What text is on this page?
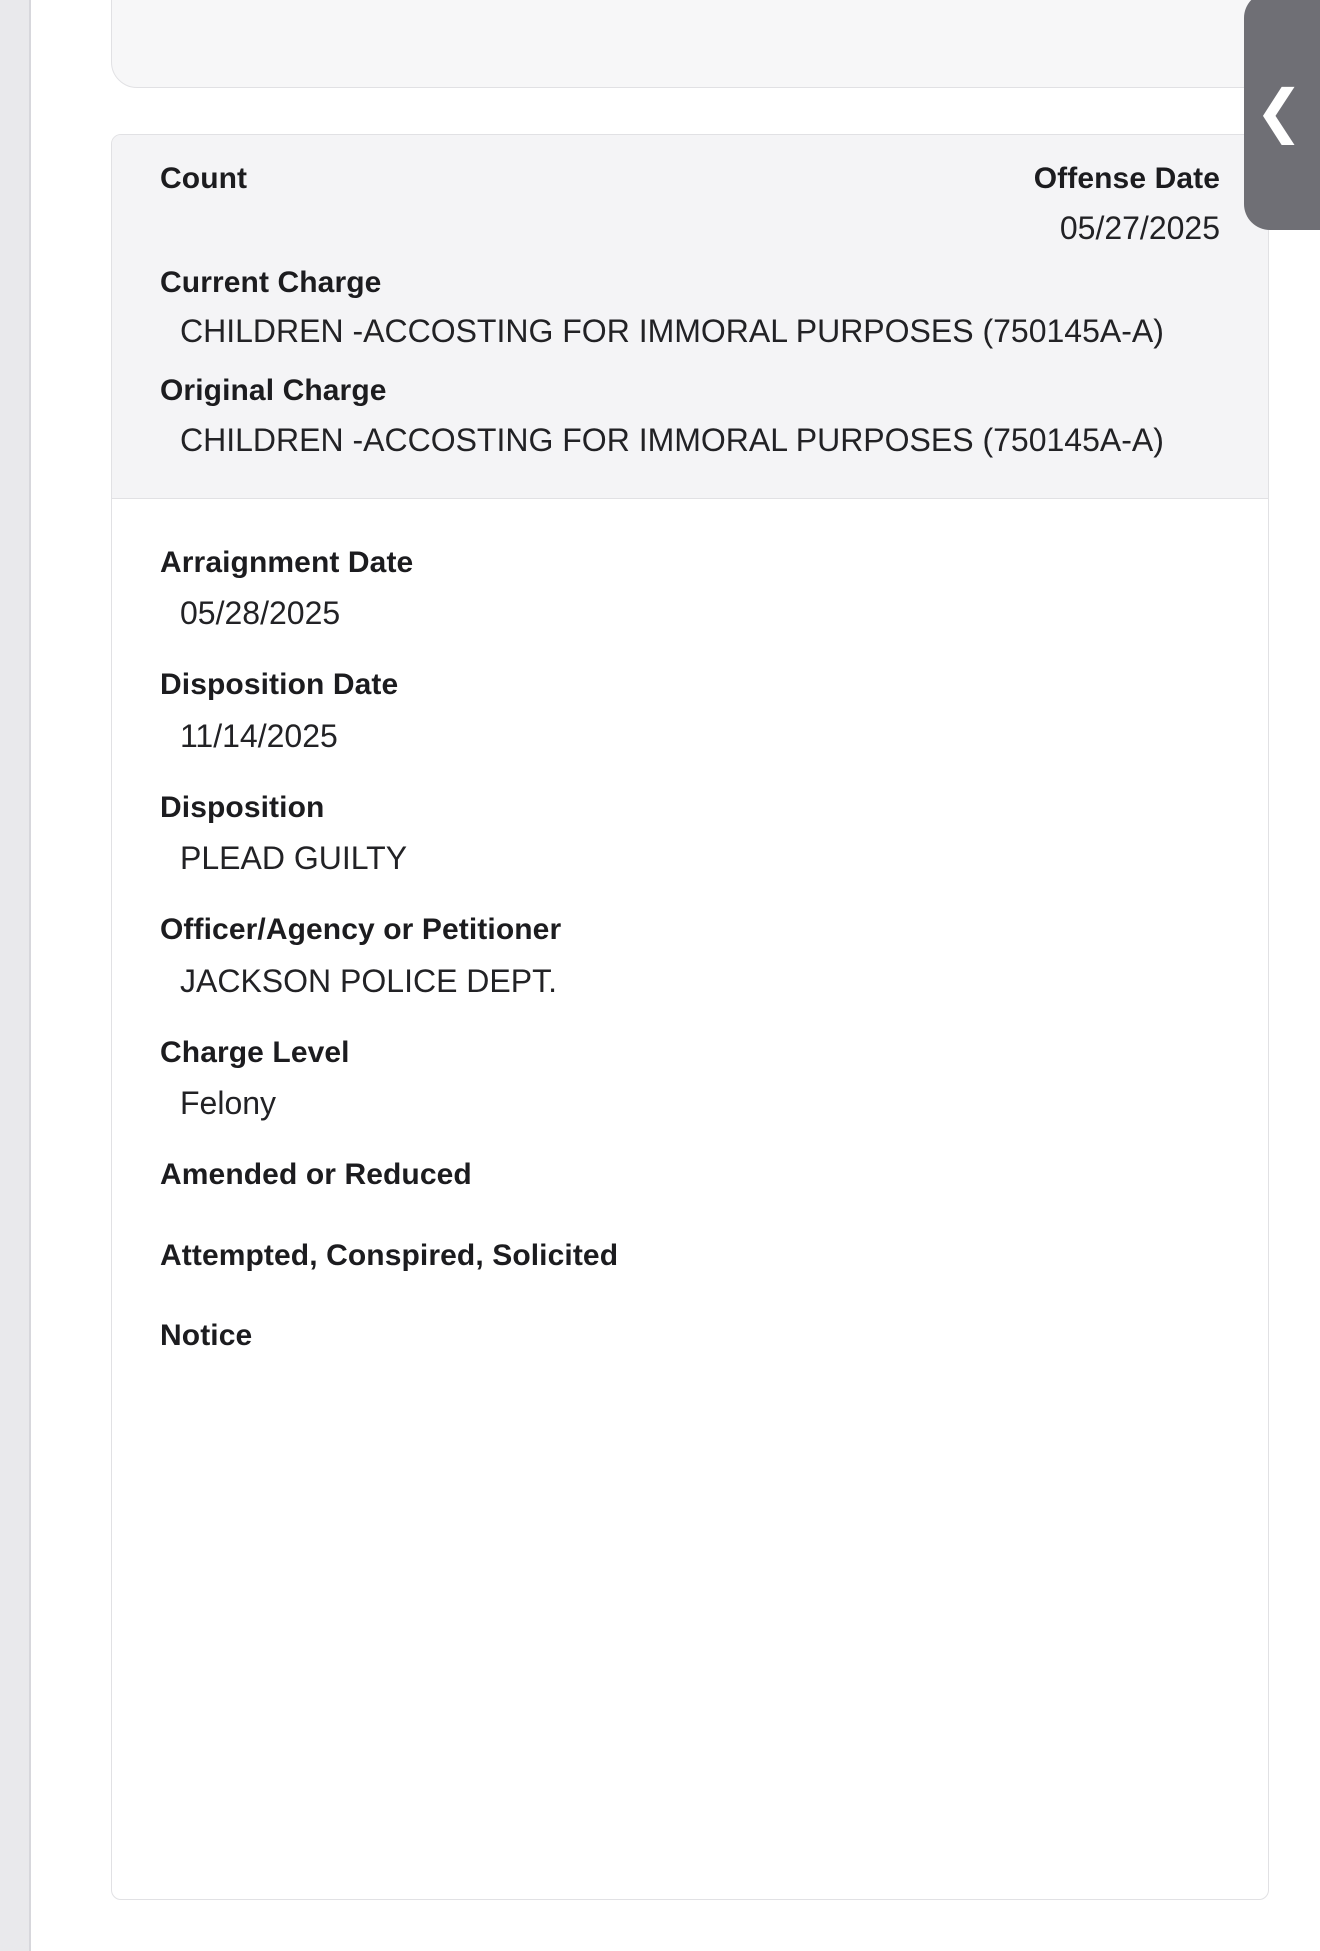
❮
Count	Offense Date
05/27/2025
Current Charge
CHILDREN -ACCOSTING FOR IMMORAL PURPOSES (750145A-A)
Original Charge
CHILDREN -ACCOSTING FOR IMMORAL PURPOSES (750145A-A)
Arraignment Date
05/28/2025
Disposition Date
11/14/2025
Disposition
PLEAD GUILTY
Officer/Agency or Petitioner
JACKSON POLICE DEPT.
Charge Level
Felony
Amended or Reduced
Attempted, Conspired, Solicited
Notice
